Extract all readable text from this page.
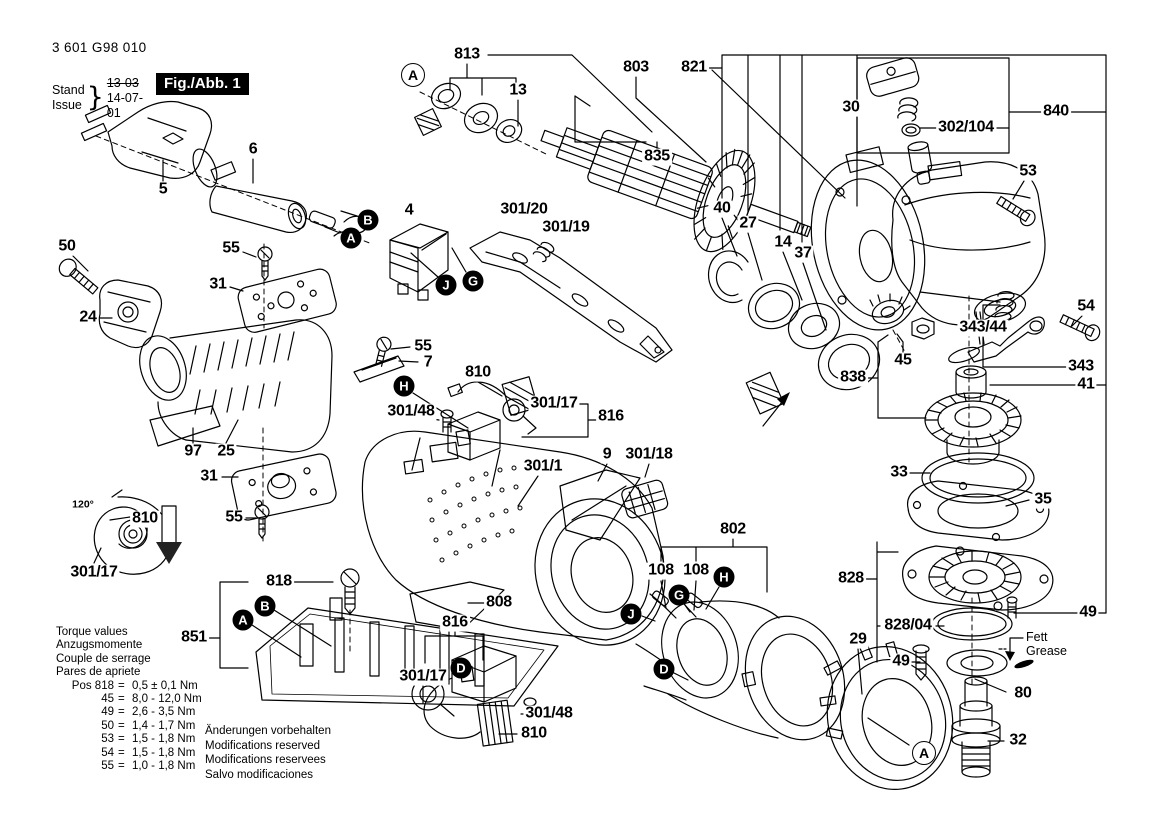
813
13
803 821
835
30
302/104
840
53
6
5
4	301/20
301/19
50	55
31
24
40
27
14
37
54
343/44
343
41
45
838
55
7
810
301/48	301/17
816
97 25
31
55
810
120°
301/17
301/1
9 301/18
818
851
808
816
301/17
301/48
810
802
108 108	828
29
33
35
49
828/04
49
80
32
A
B
A
J	G
H
B
A
D
J
G
H
D
A
3 601 G98 010
Stand
Issue } 13-03
14-07-01
Fig./Abb. 1
Torque values
Anzugsmomente
Couple de serrage
Pares de apriete
Pos 818 = 0,5 ± 0,1 Nm
45 = 8,0 - 12,0 Nm
49 = 2,6 - 3,5 Nm
50 = 1,4 - 1,7 Nm
53 = 1,5 - 1,8 Nm
54 = 1,5 - 1,8 Nm
55 = 1,0 - 1,8 Nm
Änderungen vorbehalten
Modifications reserved
Modifications reservees
Salvo modificaciones
Fett
Grease
